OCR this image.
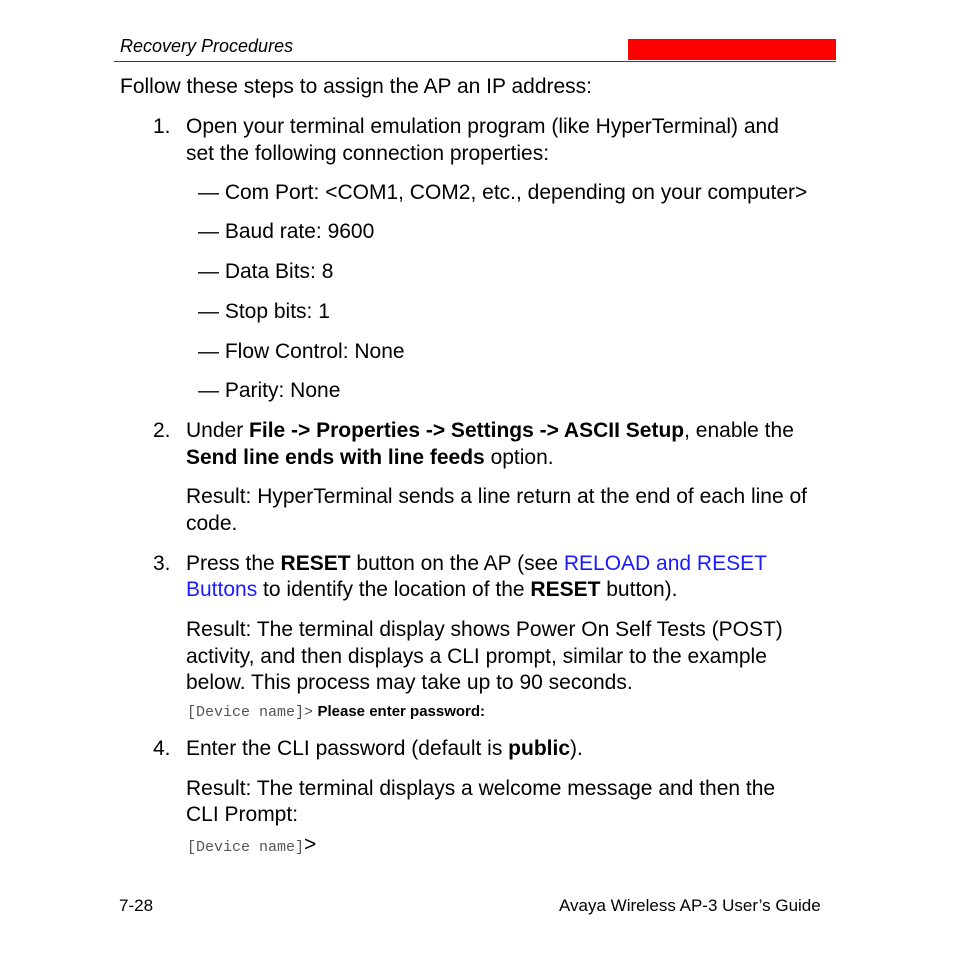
Recovery Procedures
Follow these steps to assign the AP an IP address:
1. Open your terminal emulation program (like HyperTerminal) and
set the following connection properties:
— Com Port: <COM1, COM2, etc., depending on your computer>
— Baud rate: 9600
— Data Bits: 8
— Stop bits: 1
— Flow Control: None
— Parity: None
2. Under File -> Properties -> Settings -> ASCII Setup, enable the
Send line ends with line feeds option.
Result: HyperTerminal sends a line return at the end of each line of
code.
3. Press the RESET button on the AP (see RELOAD and RESET
Buttons to identify the location of the RESET button).
Result: The terminal display shows Power On Self Tests (POST)
activity, and then displays a CLI prompt, similar to the example
below. This process may take up to 90 seconds.
[Device name]> Please enter password:
4. Enter the CLI password (default is public).
Result: The terminal displays a welcome message and then the
CLI Prompt:
[Device name]>
7-28	Avaya Wireless AP-3 User’s Guide
